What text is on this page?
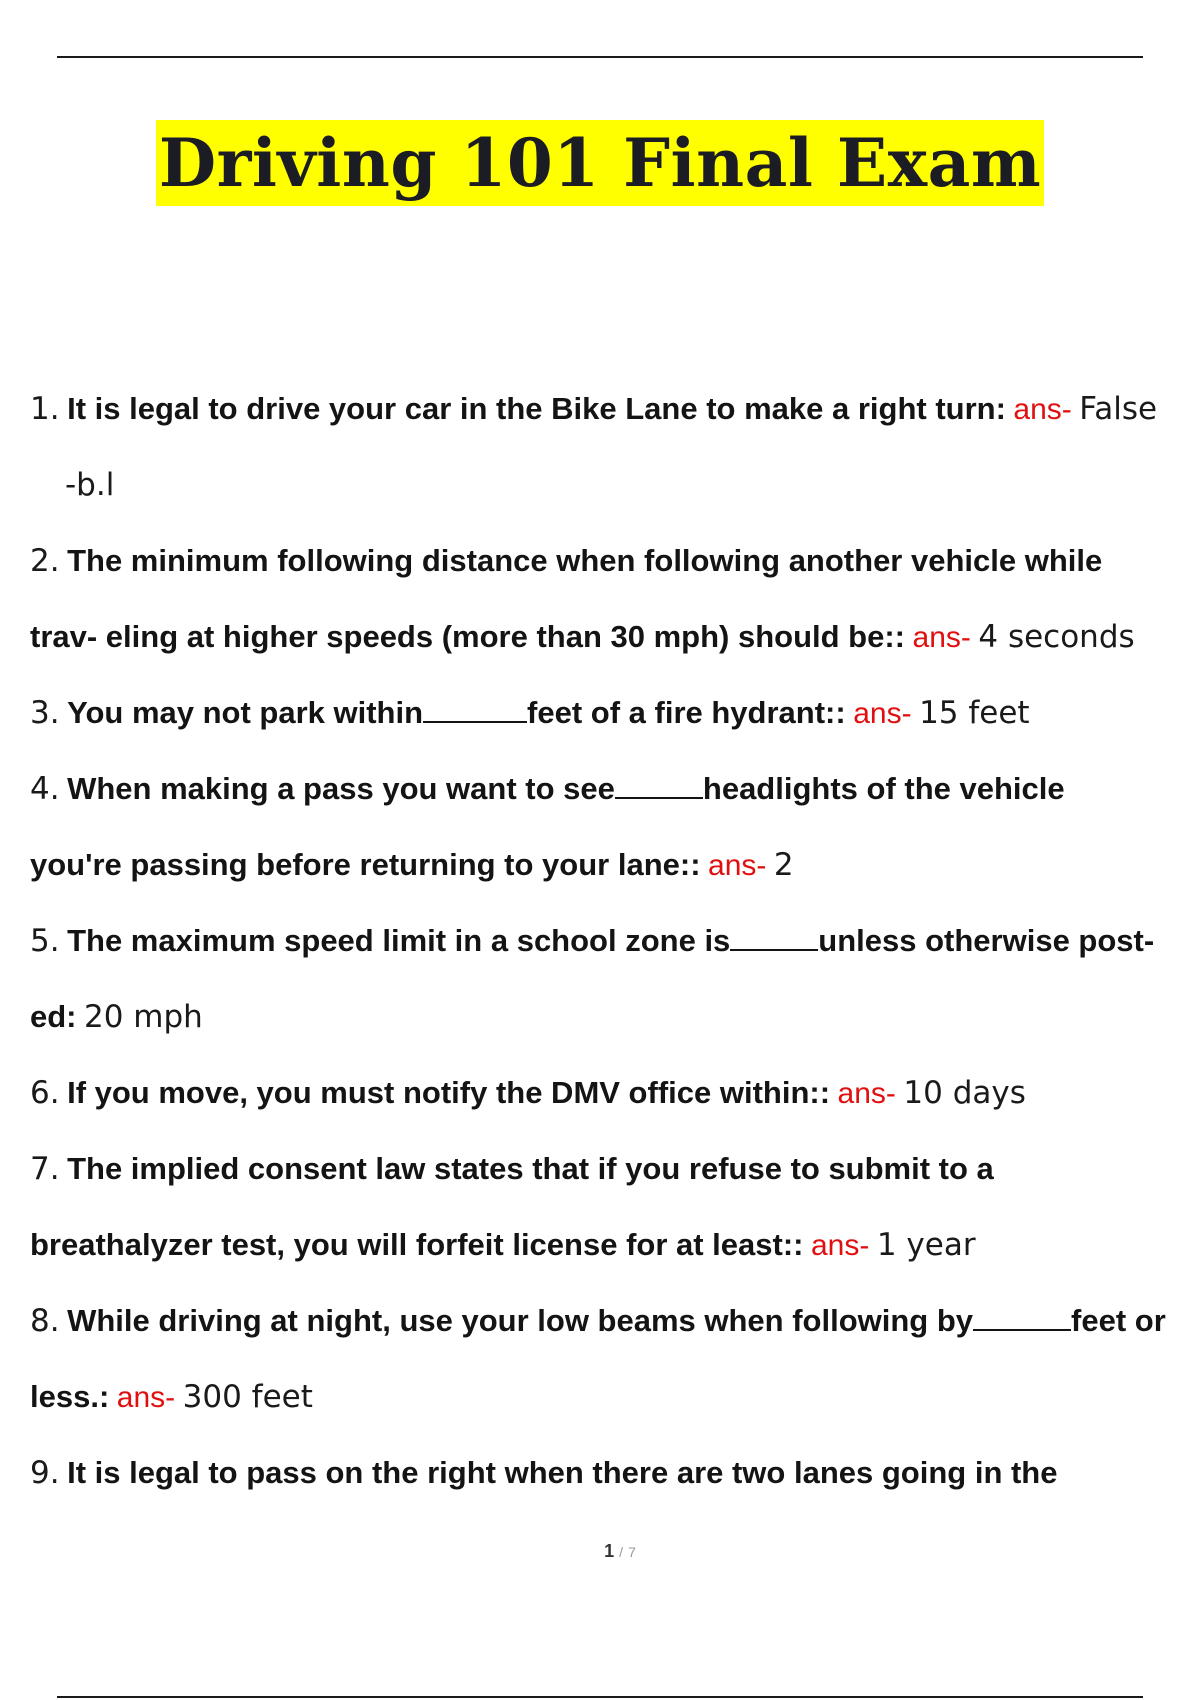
Driving 101 Final Exam
1. It is legal to drive your car in the Bike Lane to make a right turn: ans- False
-b.l
2. The minimum following distance when following another vehicle while
trav- eling at higher speeds (more than 30 mph) should be:: ans- 4 seconds
3. You may not park within	feet of a fire hydrant:: ans- 15 feet
4. When making a pass you want to see	headlights of the vehicle
you're passing before returning to your lane:: ans- 2
5. The maximum speed limit in a school zone is	unless otherwise post-
ed: 20 mph
6. If you move, you must notify the DMV office within:: ans- 10 days
7. The implied consent law states that if you refuse to submit to a
breathalyzer test, you will forfeit license for at least:: ans- 1 year
8. While driving at night, use your low beams when following by	feet or
less.: ans- 300 feet
9. It is legal to pass on the right when there are two lanes going in the
1 / 7
